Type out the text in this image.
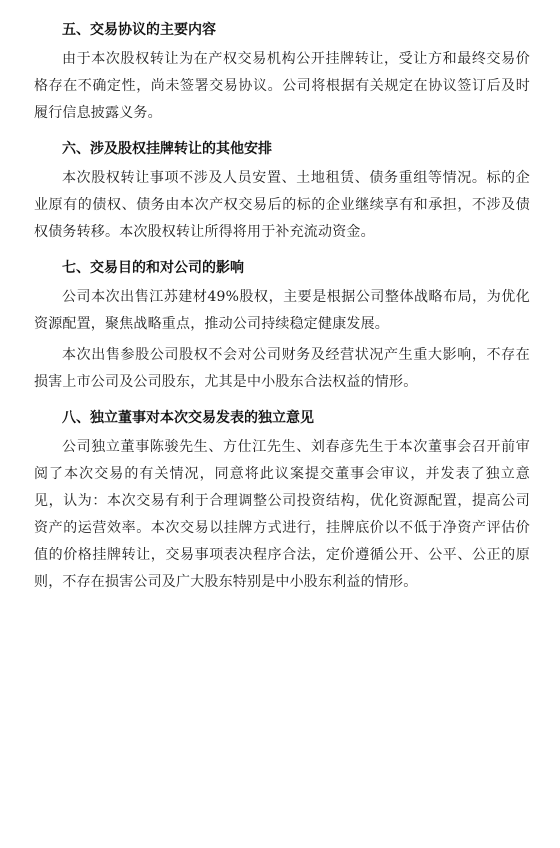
五、交易协议的主要内容

由于本次股权转让为在产权交易机构公开挂牌转让，受让方和最终交易价格存在不确定性，尚未签署交易协议。公司将根据有关规定在协议签订后及时履行信息披露义务。

六、涉及股权挂牌转让的其他安排

本次股权转让事项不涉及人员安置、土地租赁、债务重组等情况。标的企业原有的债权、债务由本次产权交易后的标的企业继续享有和承担，不涉及债权债务转移。本次股权转让所得将用于补充流动资金。

七、交易目的和对公司的影响

公司本次出售江苏建材49%股权，主要是根据公司整体战略布局，为优化资源配置，聚焦战略重点，推动公司持续稳定健康发展。

本次出售参股公司股权不会对公司财务及经营状况产生重大影响，不存在损害上市公司及公司股东，尤其是中小股东合法权益的情形。

八、独立董事对本次交易发表的独立意见

公司独立董事陈骏先生、方仕江先生、刘春彦先生于本次董事会召开前审阅了本次交易的有关情况，同意将此议案提交董事会审议，并发表了独立意见，认为：本次交易有利于合理调整公司投资结构，优化资源配置，提高公司资产的运营效率。本次交易以挂牌方式进行，挂牌底价以不低于净资产评估价值的价格挂牌转让，交易事项表决程序合法，定价遵循公开、公平、公正的原则，不存在损害公司及广大股东特别是中小股东利益的情形。
